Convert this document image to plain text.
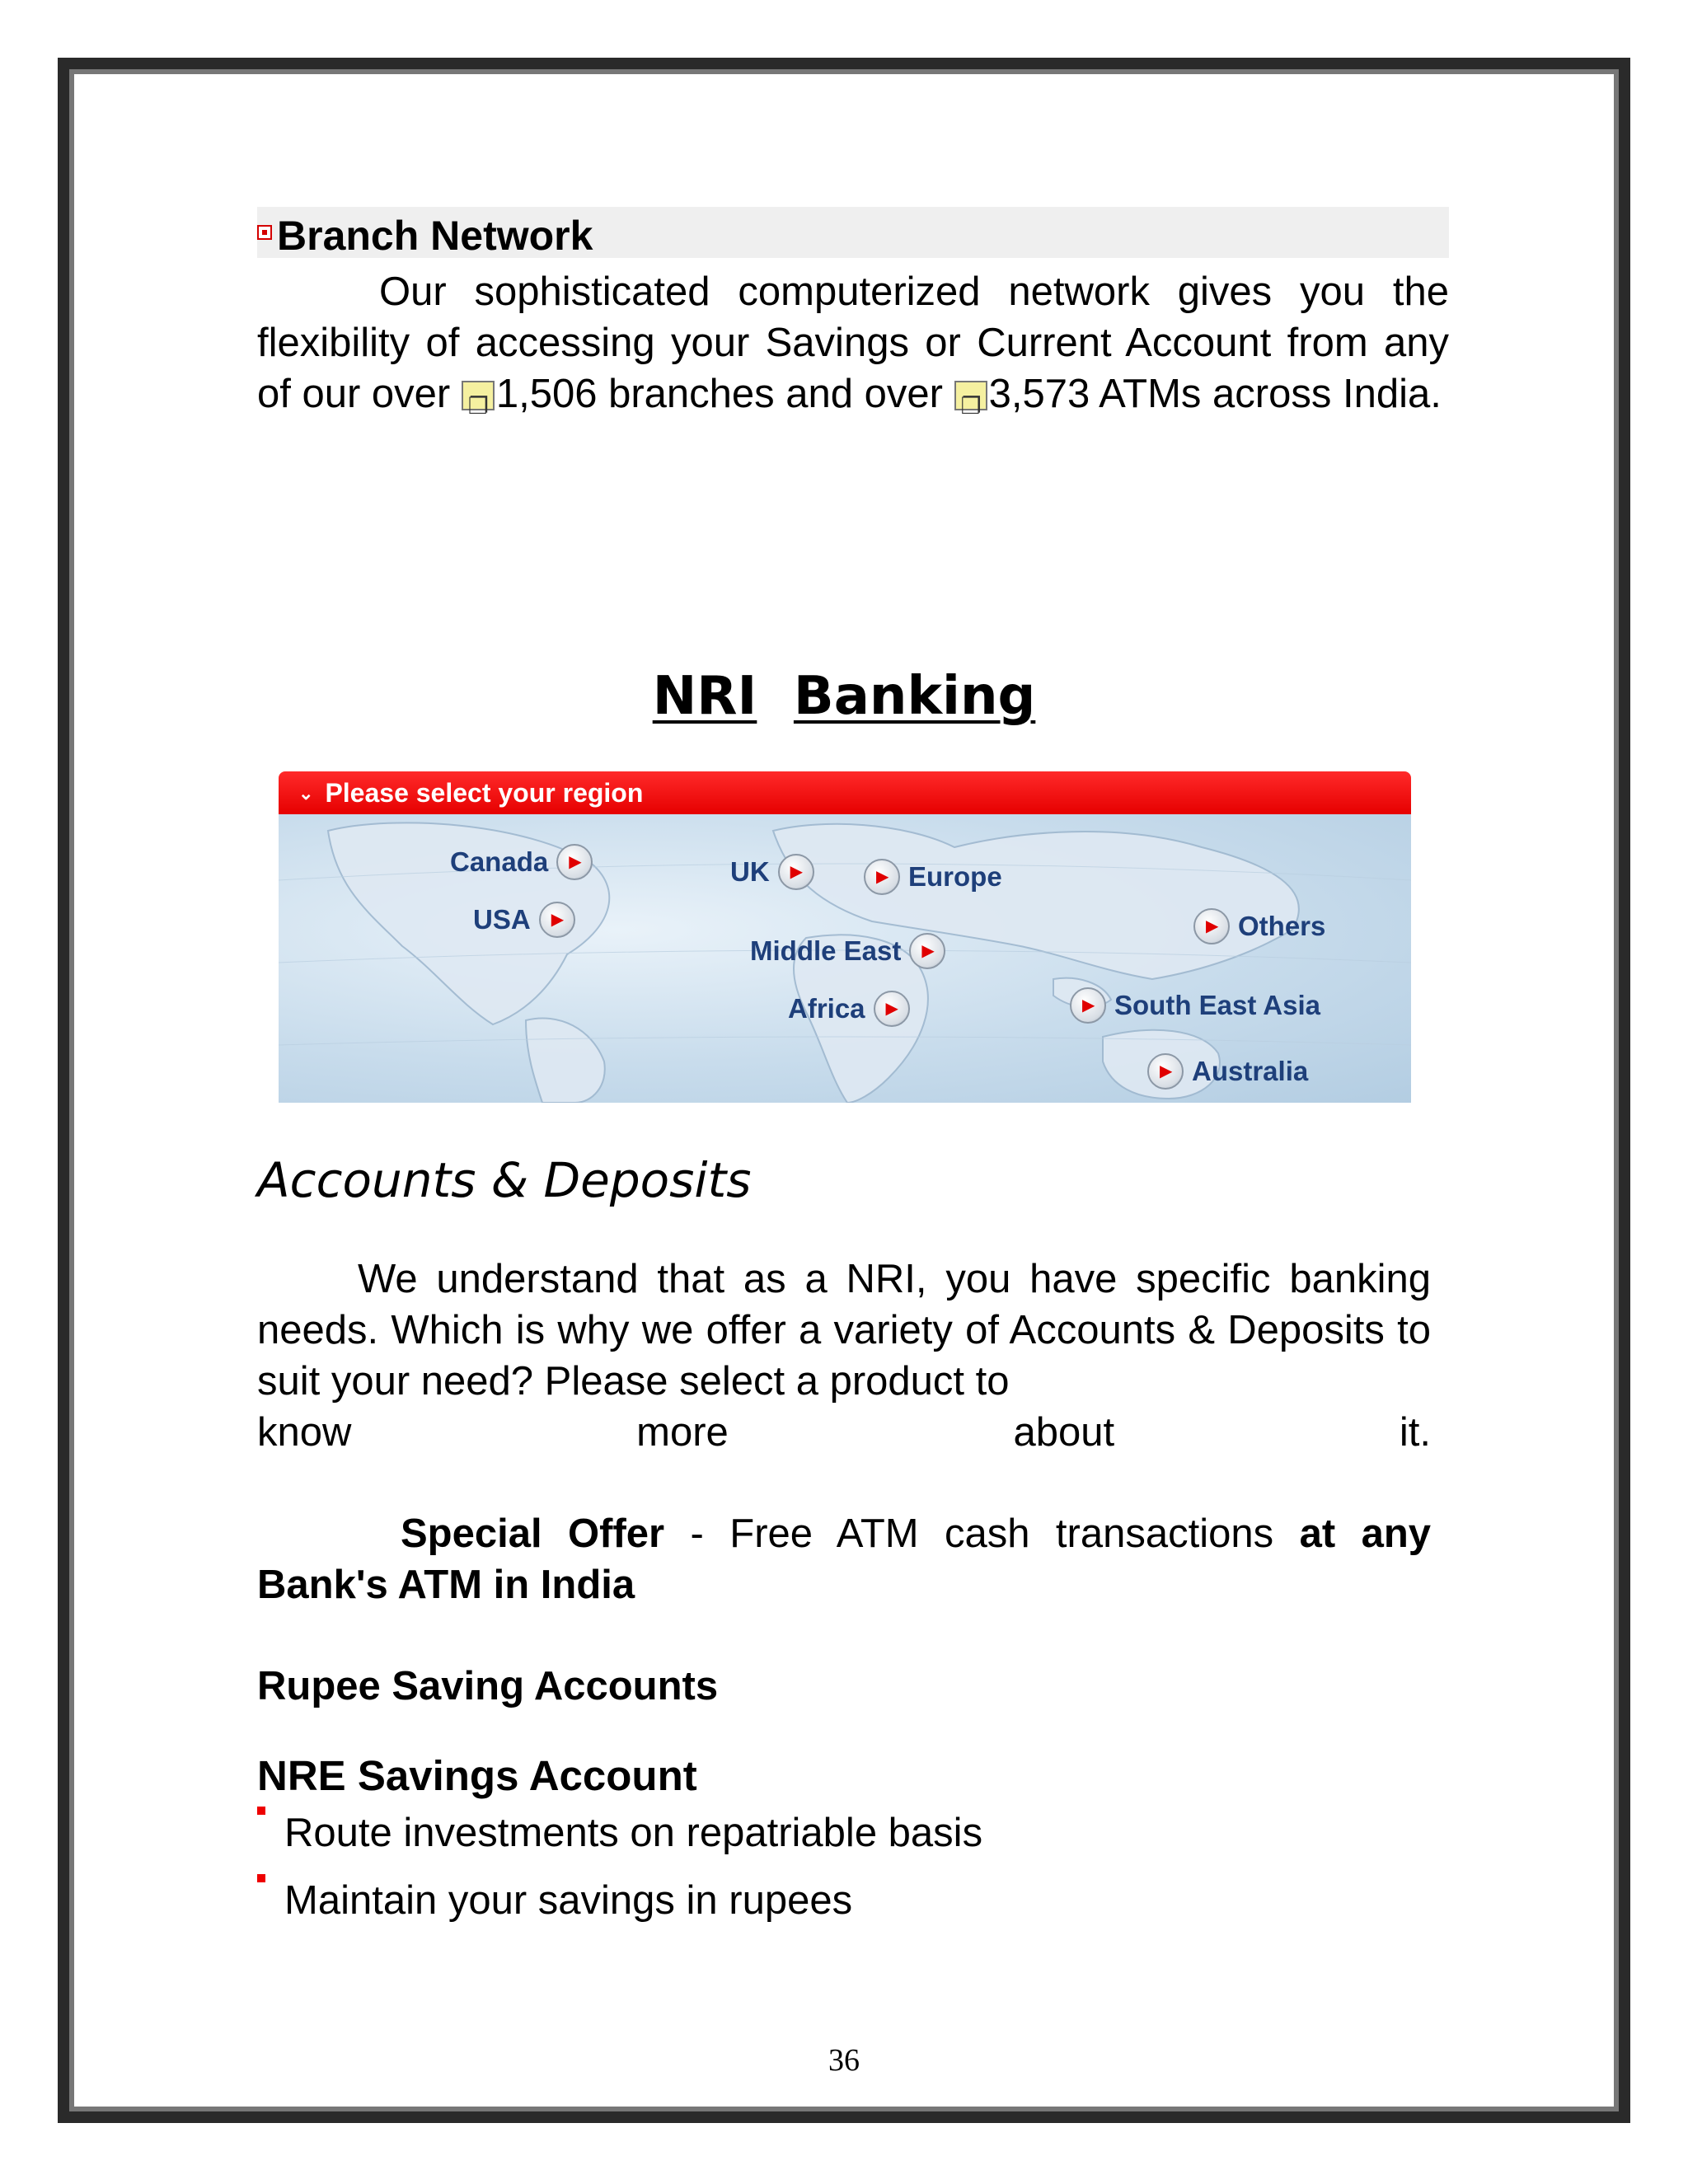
Branch Network
Our sophisticated computerized network gives you the flexibility of accessing your Savings or Current Account from any of our over ❐1,506 branches and over ❐3,573 ATMs across India.
NRI Banking
⌄ Please select your region
Canada
▶
USA
▶
UK ▶ ▶	Europe
Middle East
▶
Africa
▶
▶
Others
▶
South East Asia
▶
Australia
Accounts & Deposits
We understand that as a NRI, you have specific banking needs. Which is why we offer a variety of Accounts & Deposits to suit your need? Please select a product to
know more about it.
Special Offer - Free ATM cash transactions at any Bank's ATM in India
Rupee Saving Accounts
NRE Savings Account
Route investments on repatriable basis
Maintain your savings in rupees
36
